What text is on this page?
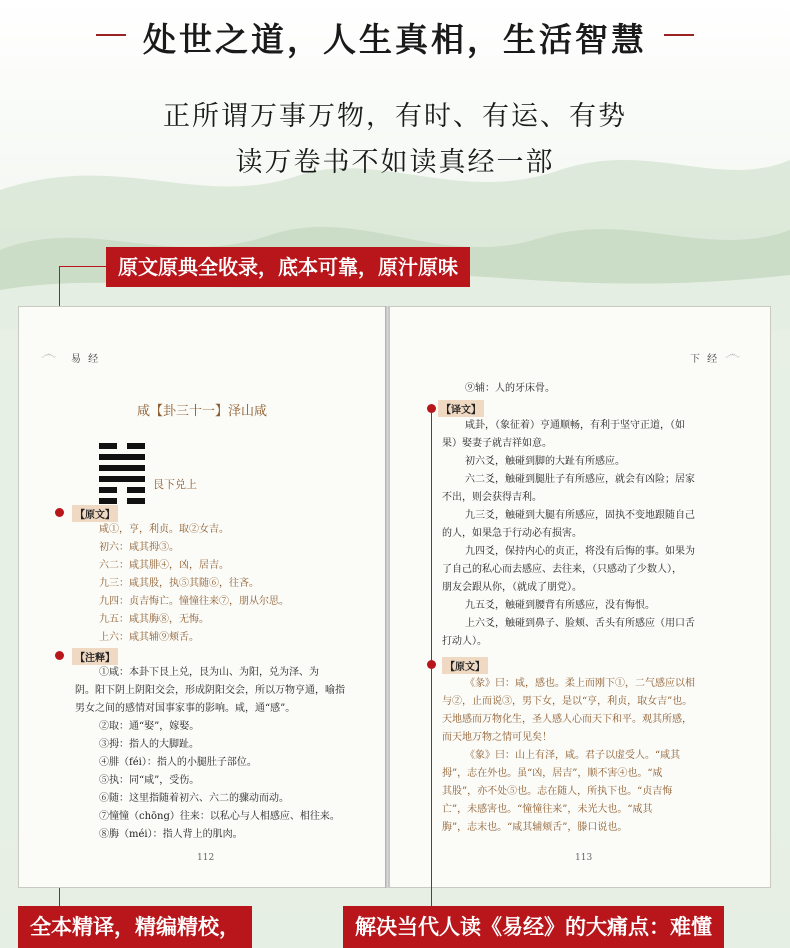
处世之道，人生真相，生活智慧
正所谓万事万物，有时、有运、有势
读万卷书不如读真经一部
原文原典全收录，底本可靠，原汁原味
෴ 易 经
咸【卦三十一】泽山咸
艮下兑上
【原文】
咸①，亨，利贞。取②女吉。
初六：咸其拇③。
六二：咸其腓④，凶，居吉。
九三：咸其股，执⑤其随⑥，往吝。
九四：贞吉悔亡。憧憧往来⑦，朋从尔思。
九五：咸其脢⑧，无悔。
上六：咸其辅⑨颊舌。
【注释】
①咸：本卦下艮上兑，艮为山、为阳，兑为泽、为
阴。阳下阴上阴阳交会，形成阴阳交会，所以万物亨通，喻指
男女之间的感情对国事家事的影响。咸，通“感”。
②取：通“娶”，嫁娶。
③拇：指人的大脚趾。
④腓（féi）：指人的小腿肚子部位。
⑤执：同“咸”，受伤。
⑥随：这里指随着初六、六二的骤动而动。
⑦憧憧（chōng）往来：以私心与人相感应、相往来。
⑧脢（méi）：指人背上的肌肉。
112
下 经 ෴
⑨辅：人的牙床骨。
【译文】
咸卦，（象征着）亨通顺畅，有利于坚守正道，（如
果）娶妻子就吉祥如意。
初六爻，触碰到脚的大趾有所感应。
六二爻，触碰到腿肚子有所感应，就会有凶险；居家
不出，则会获得吉利。
九三爻，触碰到大腿有所感应，固执不变地跟随自己
的人，如果急于行动必有损害。
九四爻，保持内心的贞正，将没有后悔的事。如果为
了自己的私心而去感应、去往来，（只感动了少数人），
朋友会跟从你，（就成了朋党）。
九五爻，触碰到腰背有所感应，没有悔恨。
上六爻，触碰到鼻子、脸颊、舌头有所感应（用口舌
打动人）。
【原文】
《彖》曰：咸，感也。柔上而刚下①，二气感应以相
与②，止而说③，男下女，是以“亨，利贞，取女吉”也。
天地感而万物化生，圣人感人心而天下和平。观其所感，
而天地万物之情可见矣！
《象》曰：山上有泽，咸。君子以虚受人。“咸其
拇”，志在外也。虽“凶，居吉”，顺不害④也。“咸
其股”，亦不处⑤也。志在随人，所执下也。“贞吉悔
亡”，未感害也。“憧憧往来”，未光大也。“咸其
脢”，志末也。“咸其辅颊舌”，滕口说也。
113
全本精译，精编精校，	解决当代人读《易经》的大痛点：难懂
